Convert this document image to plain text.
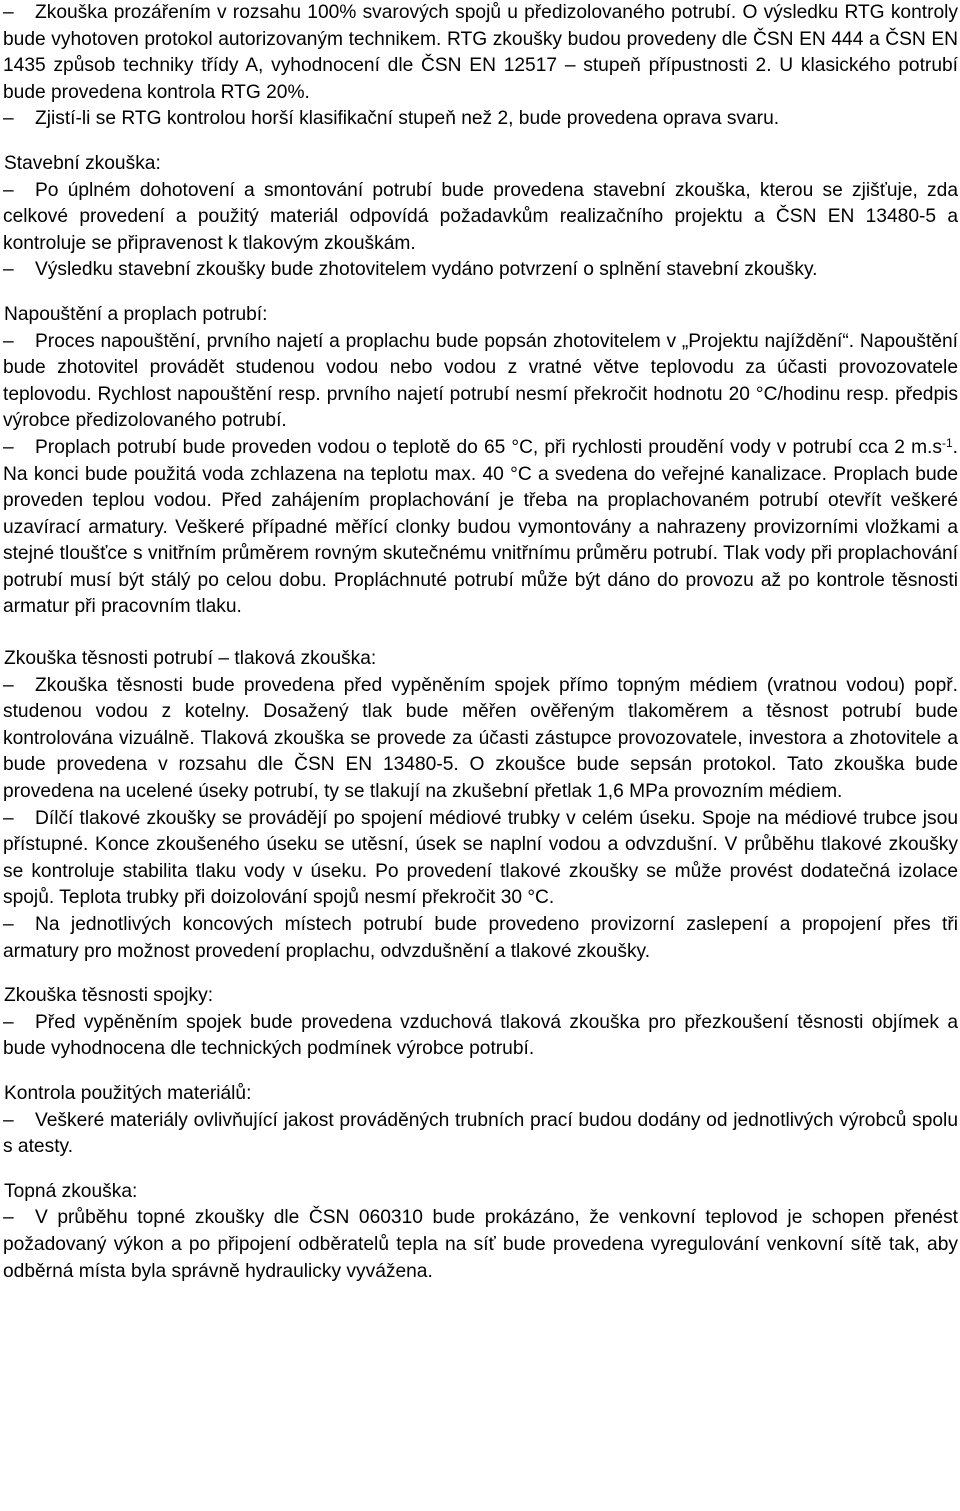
–Zkouška prozářením v rozsahu 100% svarových spojů u předizolovaného potrubí. O výsledku RTG kontroly bude vyhotoven protokol autorizovaným technikem. RTG zkoušky budou provedeny dle ČSN EN 444 a ČSN EN 1435 způsob techniky třídy A, vyhodnocení dle ČSN EN 12517 – stupeň přípustnosti 2. U klasického potrubí bude provedena kontrola RTG 20%.

–Zjistí-li se RTG kontrolou horší klasifikační stupeň než 2, bude provedena oprava svaru.

Stavební zkouška:

–Po úplném dohotovení a smontování potrubí bude provedena stavební zkouška, kterou se zjišťuje, zda celkové provedení a použitý materiál odpovídá požadavkům realizačního projektu a ČSN EN 13480-5 a kontroluje se připravenost k tlakovým zkouškám.

–Výsledku stavební zkoušky bude zhotovitelem vydáno potvrzení o splnění stavební zkoušky.

Napouštění a proplach potrubí:

–Proces napouštění, prvního najetí a proplachu bude popsán zhotovitelem v „Projektu najíždění“. Napouštění bude zhotovitel provádět studenou vodou nebo vodou z vratné větve teplovodu za účasti provozovatele teplovodu. Rychlost napouštění resp. prvního najetí potrubí nesmí překročit hodnotu 20 °C/hodinu resp. předpis výrobce předizolovaného potrubí.

–Proplach potrubí bude proveden vodou o teplotě do 65 °C, při rychlosti proudění vody v potrubí cca 2 $m.s^{-1}$. Na konci bude použitá voda zchlazena na teplotu max. 40 °C a svedena do veřejné kanalizace. Proplach bude proveden teplou vodou. Před zahájením proplachování je třeba na proplachovaném potrubí otevřít veškeré uzavírací armatury. Veškeré případné měřící clonky budou vymontovány a nahrazeny provizorními vložkami a stejné tloušťce s vnitřním průměrem rovným skutečnému vnitřnímu průměru potrubí. Tlak vody při proplachování potrubí musí být stálý po celou dobu. Propláchnuté potrubí může být dáno do provozu až po kontrole těsnosti armatur při pracovním tlaku.

Zkouška těsnosti potrubí – tlaková zkouška:

–Zkouška těsnosti bude provedena před vypěněním spojek přímo topným médiem (vratnou vodou) popř. studenou vodou z kotelny. Dosažený tlak bude měřen ověřeným tlakoměrem a těsnost potrubí bude kontrolována vizuálně. Tlaková zkouška se provede za účasti zástupce provozovatele, investora a zhotovitele a bude provedena v rozsahu dle ČSN EN 13480-5. O zkoušce bude sepsán protokol. Tato zkouška bude provedena na ucelené úseky potrubí, ty se tlakují na zkušební přetlak 1,6 MPa provozním médiem.

–Dílčí tlakové zkoušky se provádějí po spojení médiové trubky v celém úseku. Spoje na médiové trubce jsou přístupné. Konce zkoušeného úseku se utěsní, úsek se naplní vodou a odvzdušní. V průběhu tlakové zkoušky se kontroluje stabilita tlaku vody v úseku. Po provedení tlakové zkoušky se může provést dodatečná izolace spojů. Teplota trubky při doizolování spojů nesmí překročit 30 °C.

–Na jednotlivých koncových místech potrubí bude provedeno provizorní zaslepení a propojení přes tři armatury pro možnost provedení proplachu, odvzdušnění a tlakové zkoušky.

Zkouška těsnosti spojky:

–Před vypěněním spojek bude provedena vzduchová tlaková zkouška pro přezkoušení těsnosti objímek a bude vyhodnocena dle technických podmínek výrobce potrubí.

Kontrola použitých materiálů:

–Veškeré materiály ovlivňující jakost prováděných trubních prací budou dodány od jednotlivých výrobců spolu s atesty.

Topná zkouška:

–V průběhu topné zkoušky dle ČSN 060310 bude prokázáno, že venkovní teplovod je schopen přenést požadovaný výkon a po připojení odběratelů tepla na síť bude provedena vyregulování venkovní sítě tak, aby odběrná místa byla správně hydraulicky vyvážena.
